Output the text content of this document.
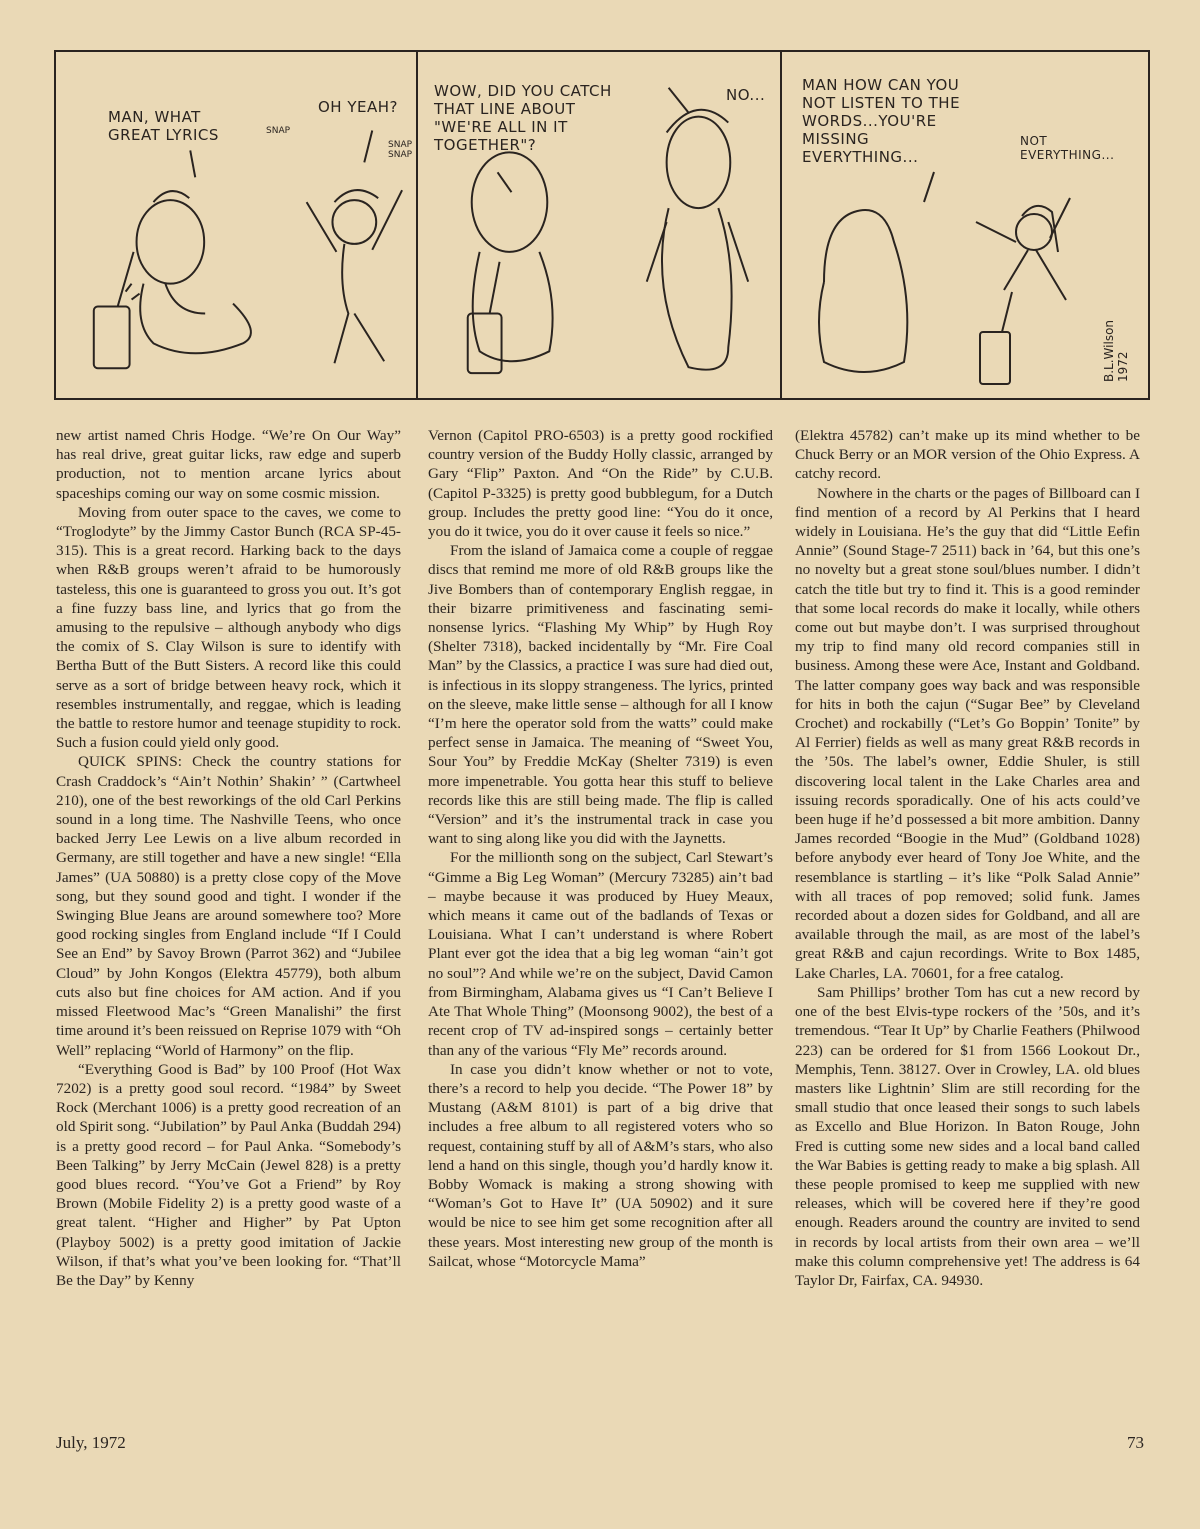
MAN, WHAT GREAT LYRICS
OH YEAH?
SNAP
SNAP SNAP
WOW, DID YOU CATCH THAT LINE ABOUT "WE'RE ALL IN IT TOGETHER"?
NO...
MAN HOW CAN YOU NOT LISTEN TO THE WORDS...YOU'RE MISSING EVERYTHING...
NOT EVERYTHING...
B.L.Wilson 1972

new artist named Chris Hodge. “We’re On Our Way” has real drive, great guitar licks, raw edge and superb production, not to mention arcane lyrics about spaceships coming our way on some cosmic mission.

Moving from outer space to the caves, we come to “Troglodyte” by the Jimmy Castor Bunch (RCA SP-45-315). This is a great record. Harking back to the days when R&B groups weren’t afraid to be humorously tasteless, this one is guaranteed to gross you out. It’s got a fine fuzzy bass line, and lyrics that go from the amusing to the repulsive – although anybody who digs the comix of S. Clay Wilson is sure to identify with Bertha Butt of the Butt Sisters. A record like this could serve as a sort of bridge between heavy rock, which it resembles instrumentally, and reggae, which is leading the battle to restore humor and teenage stupidity to rock. Such a fusion could yield only good.

QUICK SPINS: Check the country stations for Crash Craddock’s “Ain’t Nothin’ Shakin’ ” (Cartwheel 210), one of the best reworkings of the old Carl Perkins sound in a long time. The Nashville Teens, who once backed Jerry Lee Lewis on a live album recorded in Germany, are still together and have a new single! “Ella James” (UA 50880) is a pretty close copy of the Move song, but they sound good and tight. I wonder if the Swinging Blue Jeans are around somewhere too? More good rocking singles from England include “If I Could See an End” by Savoy Brown (Parrot 362) and “Jubilee Cloud” by John Kongos (Elektra 45779), both album cuts also but fine choices for AM action. And if you missed Fleetwood Mac’s “Green Manalishi” the first time around it’s been reissued on Reprise 1079 with “Oh Well” replacing “World of Harmony” on the flip.

“Everything Good is Bad” by 100 Proof (Hot Wax 7202) is a pretty good soul record. “1984” by Sweet Rock (Merchant 1006) is a pretty good recreation of an old Spirit song. “Jubilation” by Paul Anka (Buddah 294) is a pretty good record – for Paul Anka. “Somebody’s Been Talking” by Jerry McCain (Jewel 828) is a pretty good blues record. “You’ve Got a Friend” by Roy Brown (Mobile Fidelity 2) is a pretty good waste of a great talent. “Higher and Higher” by Pat Upton (Playboy 5002) is a pretty good imitation of Jackie Wilson, if that’s what you’ve been looking for. “That’ll Be the Day” by Kenny

Vernon (Capitol PRO-6503) is a pretty good rockified country version of the Buddy Holly classic, arranged by Gary “Flip” Paxton. And “On the Ride” by C.U.B. (Capitol P-3325) is pretty good bubblegum, for a Dutch group. Includes the pretty good line: “You do it once, you do it twice, you do it over cause it feels so nice.”

From the island of Jamaica come a couple of reggae discs that remind me more of old R&B groups like the Jive Bombers than of contemporary English reggae, in their bizarre primitiveness and fascinating semi-nonsense lyrics. “Flashing My Whip” by Hugh Roy (Shelter 7318), backed incidentally by “Mr. Fire Coal Man” by the Classics, a practice I was sure had died out, is infectious in its sloppy strangeness. The lyrics, printed on the sleeve, make little sense – although for all I know “I’m here the operator sold from the watts” could make perfect sense in Jamaica. The meaning of “Sweet You, Sour You” by Freddie McKay (Shelter 7319) is even more impenetrable. You gotta hear this stuff to believe records like this are still being made. The flip is called “Version” and it’s the instrumental track in case you want to sing along like you did with the Jaynetts.

For the millionth song on the subject, Carl Stewart’s “Gimme a Big Leg Woman” (Mercury 73285) ain’t bad – maybe because it was produced by Huey Meaux, which means it came out of the badlands of Texas or Louisiana. What I can’t understand is where Robert Plant ever got the idea that a big leg woman “ain’t got no soul”? And while we’re on the subject, David Camon from Birmingham, Alabama gives us “I Can’t Believe I Ate That Whole Thing” (Moonsong 9002), the best of a recent crop of TV ad-inspired songs – certainly better than any of the various “Fly Me” records around.

In case you didn’t know whether or not to vote, there’s a record to help you decide. “The Power 18” by Mustang (A&M 8101) is part of a big drive that includes a free album to all registered voters who so request, containing stuff by all of A&M’s stars, who also lend a hand on this single, though you’d hardly know it. Bobby Womack is making a strong showing with “Woman’s Got to Have It” (UA 50902) and it sure would be nice to see him get some recognition after all these years. Most interesting new group of the month is Sailcat, whose “Motorcycle Mama”

(Elektra 45782) can’t make up its mind whether to be Chuck Berry or an MOR version of the Ohio Express. A catchy record.

Nowhere in the charts or the pages of Billboard can I find mention of a record by Al Perkins that I heard widely in Louisiana. He’s the guy that did “Little Eefin Annie” (Sound Stage-7 2511) back in ’64, but this one’s no novelty but a great stone soul/blues number. I didn’t catch the title but try to find it. This is a good reminder that some local records do make it locally, while others come out but maybe don’t. I was surprised throughout my trip to find many old record companies still in business. Among these were Ace, Instant and Goldband. The latter company goes way back and was responsible for hits in both the cajun (“Sugar Bee” by Cleveland Crochet) and rockabilly (“Let’s Go Boppin’ Tonite” by Al Ferrier) fields as well as many great R&B records in the ’50s. The label’s owner, Eddie Shuler, is still discovering local talent in the Lake Charles area and issuing records sporadically. One of his acts could’ve been huge if he’d possessed a bit more ambition. Danny James recorded “Boogie in the Mud” (Goldband 1028) before anybody ever heard of Tony Joe White, and the resemblance is startling – it’s like “Polk Salad Annie” with all traces of pop removed; solid funk. James recorded about a dozen sides for Goldband, and all are available through the mail, as are most of the label’s great R&B and cajun recordings. Write to Box 1485, Lake Charles, LA. 70601, for a free catalog.

Sam Phillips’ brother Tom has cut a new record by one of the best Elvis-type rockers of the ’50s, and it’s tremendous. “Tear It Up” by Charlie Feathers (Philwood 223) can be ordered for $1 from 1566 Lookout Dr., Memphis, Tenn. 38127. Over in Crowley, LA. old blues masters like Lightnin’ Slim are still recording for the small studio that once leased their songs to such labels as Excello and Blue Horizon. In Baton Rouge, John Fred is cutting some new sides and a local band called the War Babies is getting ready to make a big splash. All these people promised to keep me supplied with new releases, which will be covered here if they’re good enough. Readers around the country are invited to send in records by local artists from their own area – we’ll make this column comprehensive yet! The address is 64 Taylor Dr, Fairfax, CA. 94930.

July, 1972	73
